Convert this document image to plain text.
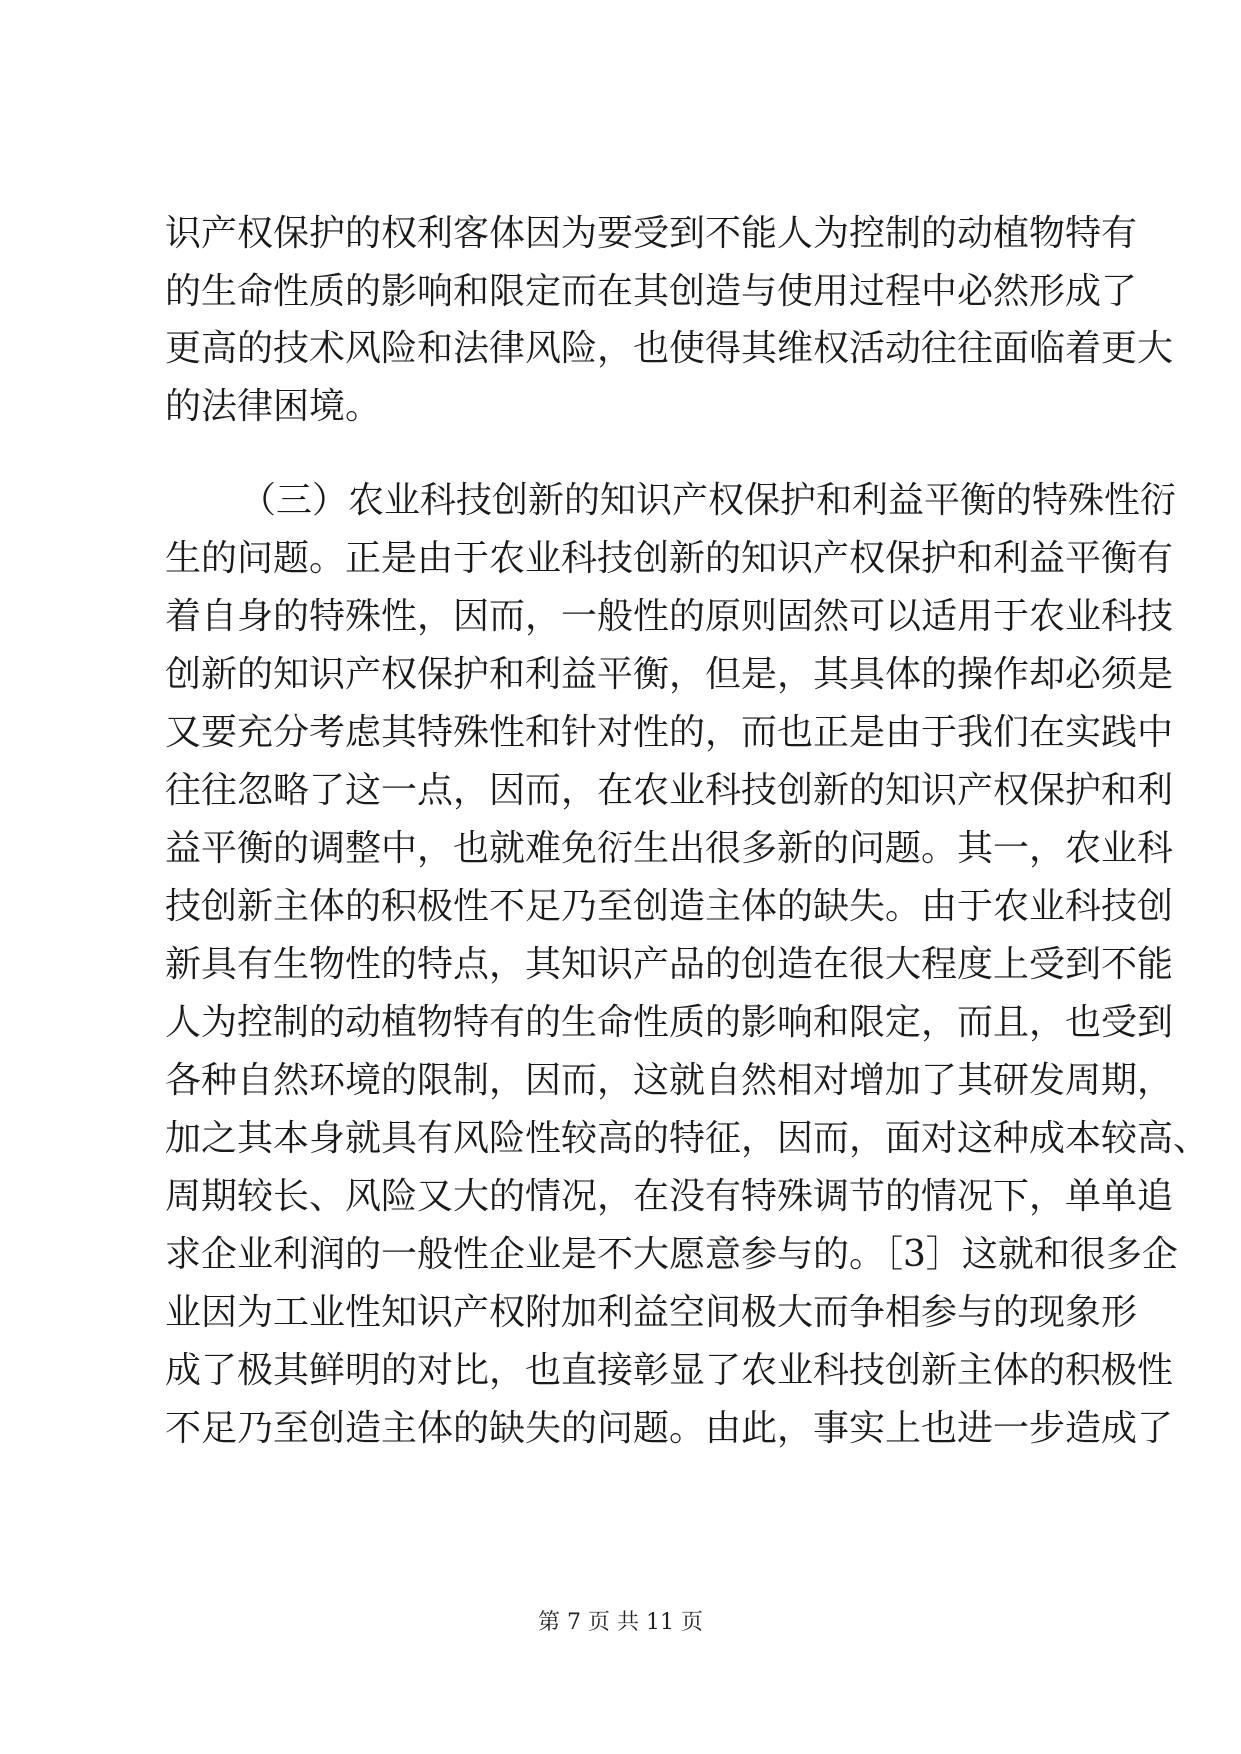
识产权保护的权利客体因为要受到不能人为控制的动植物特有
的生命性质的影响和限定而在其创造与使用过程中必然形成了
更高的技术风险和法律风险，也使得其维权活动往往面临着更大
的法律困境。
（三）农业科技创新的知识产权保护和利益平衡的特殊性衍
生的问题。正是由于农业科技创新的知识产权保护和利益平衡有
着自身的特殊性，因而，一般性的原则固然可以适用于农业科技
创新的知识产权保护和利益平衡，但是，其具体的操作却必须是
又要充分考虑其特殊性和针对性的，而也正是由于我们在实践中
往往忽略了这一点，因而，在农业科技创新的知识产权保护和利
益平衡的调整中，也就难免衍生出很多新的问题。其一，农业科
技创新主体的积极性不足乃至创造主体的缺失。由于农业科技创
新具有生物性的特点，其知识产品的创造在很大程度上受到不能
人为控制的动植物特有的生命性质的影响和限定，而且，也受到
各种自然环境的限制，因而，这就自然相对增加了其研发周期，
加之其本身就具有风险性较高的特征，因而，面对这种成本较高、
周期较长、风险又大的情况，在没有特殊调节的情况下，单单追
求企业利润的一般性企业是不大愿意参与的。［3］这就和很多企
业因为工业性知识产权附加利益空间极大而争相参与的现象形
成了极其鲜明的对比，也直接彰显了农业科技创新主体的积极性
不足乃至创造主体的缺失的问题。由此，事实上也进一步造成了
第 7 页 共 11 页
